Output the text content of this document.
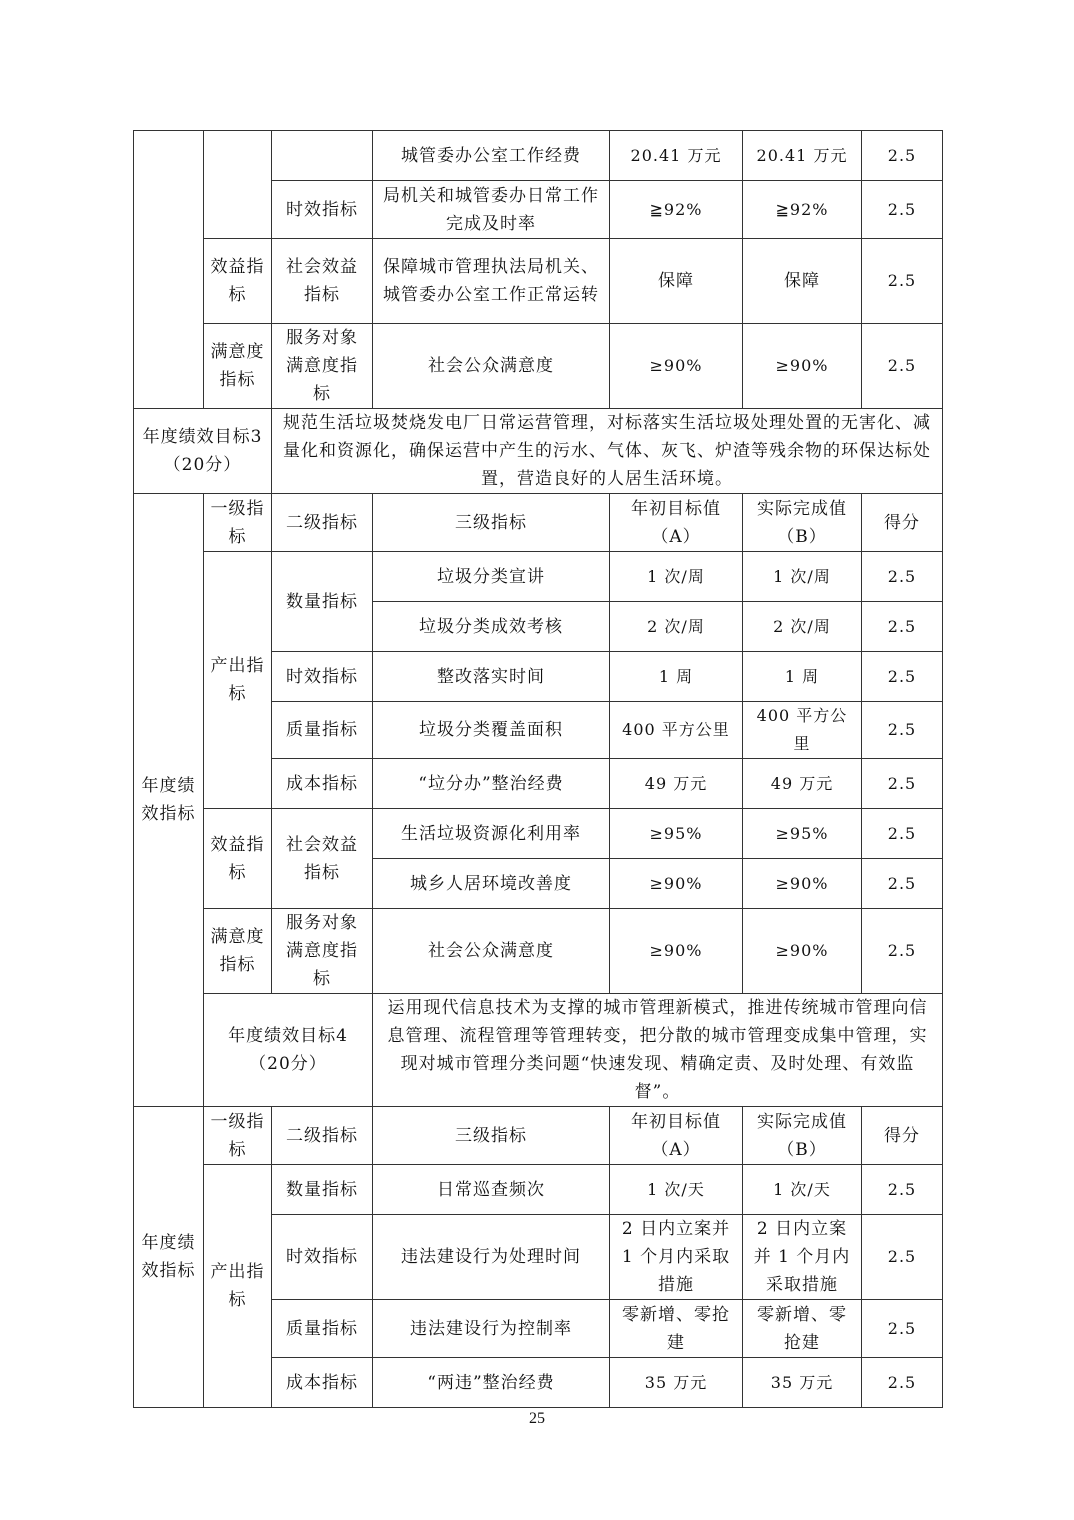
			城管委办公室工作经费	20.41 万元	20.41 万元	2.5
		时效指标	局机关和城管委办日常工作完成及时率	≧92%	≧92%	2.5
	效益指标	社会效益指标	保障城市管理执法局机关、城管委办公室工作正常运转	保障	保障	2.5
	满意度指标	服务对象满意度指标	社会公众满意度	≥90%	≥90%	2.5
年度绩效目标3（20分）		规范生活垃圾焚烧发电厂日常运营管理，对标落实生活垃圾处理处置的无害化、减量化和资源化，确保运营中产生的污水、气体、灰飞、炉渣等残余物的环保达标处置，营造良好的人居生活环境。				
年度绩效指标	一级指标	二级指标	三级指标	年初目标值（A）	实际完成值（B）	得分
	产出指标	数量指标	垃圾分类宣讲	1 次/周	1 次/周	2.5
			垃圾分类成效考核	2 次/周	2 次/周	2.5
		时效指标	整改落实时间	1 周	1 周	2.5
		质量指标	垃圾分类覆盖面积	400 平方公里	400 平方公里	2.5
		成本指标	“垃分办”整治经费	49 万元	49 万元	2.5
	效益指标	社会效益指标	生活垃圾资源化利用率	≥95%	≥95%	2.5
			城乡人居环境改善度	≥90%	≥90%	2.5
	满意度指标	服务对象满意度指标	社会公众满意度	≥90%	≥90%	2.5
	年度绩效目标4（20分）		运用现代信息技术为支撑的城市管理新模式，推进传统城市管理向信息管理、流程管理等管理转变，把分散的城市管理变成集中管理，实现对城市管理分类问题“快速发现、精确定责、及时处理、有效监督”。			
年度绩效指标	一级指标	二级指标	三级指标	年初目标值（A）	实际完成值（B）	得分
	产出指标	数量指标	日常巡查频次	1 次/天	1 次/天	2.5
		时效指标	违法建设行为处理时间	2 日内立案并 1 个月内采取措施	2 日内立案并 1 个月内采取措施	2.5
		质量指标	违法建设行为控制率	零新增、零抢建	零新增、零抢建	2.5
		成本指标	“两违”整治经费	35 万元	35 万元	2.5
25
